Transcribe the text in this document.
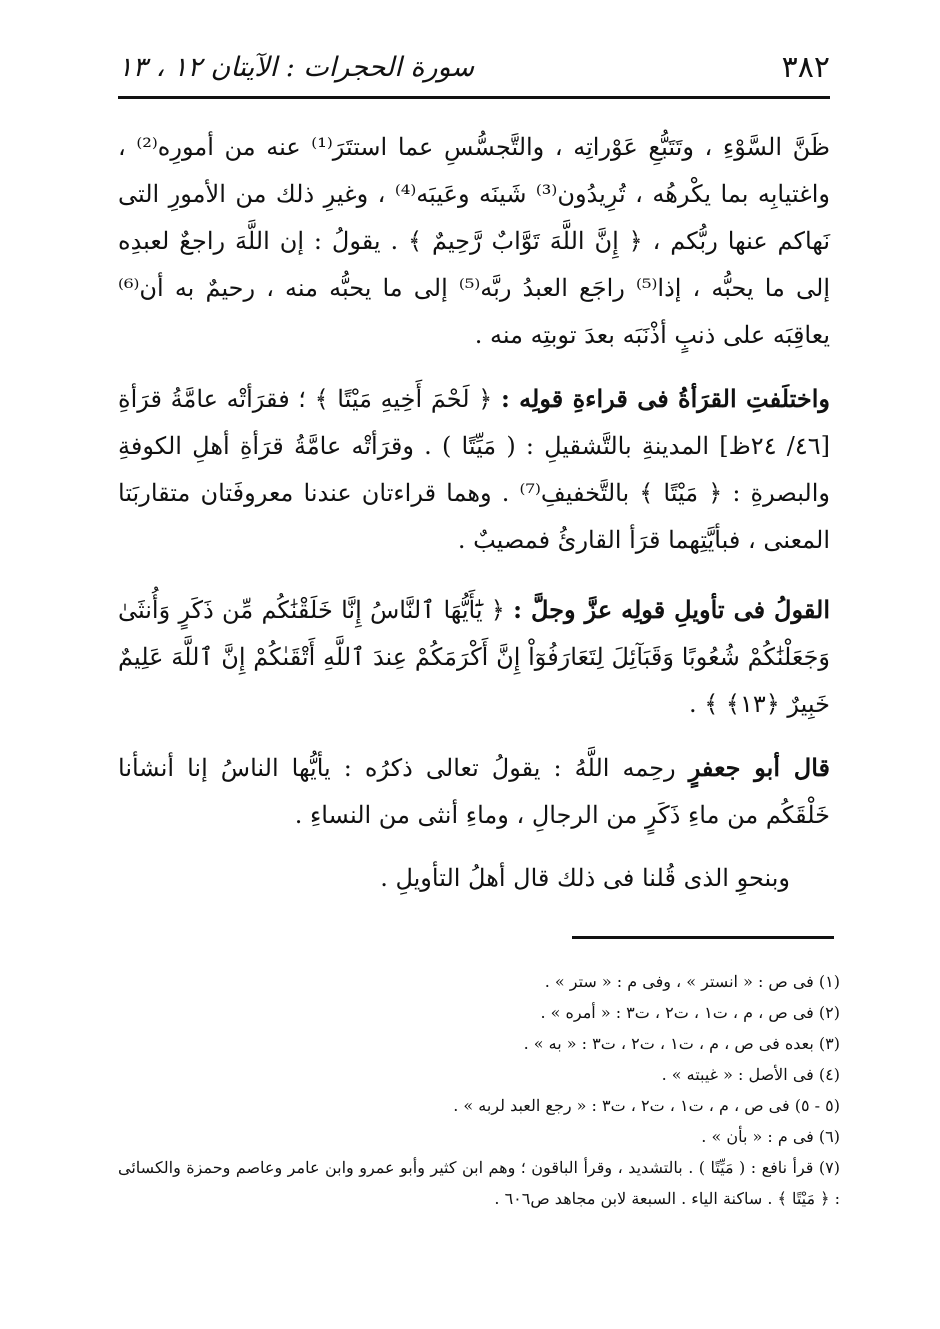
٣٨٢
سورة الحجرات : الآيتان ١٢ ، ١٣

ظَنَّ السَّوْءِ ، وتَتَبُّعِ عَوْراتِه ، والتَّجسُّسِ عما استتَرَ⁽¹⁾ عنه من أمورِه⁽²⁾ ، واغتيابِه بما يكْرهُه ، تُرِيدُون⁽³⁾ شَينَه وعَيبَه⁽⁴⁾ ، وغيرِ ذلك من الأمورِ التى نَهاكم عنها ربُّكم ، ﴿ إِنَّ اللَّهَ تَوَّابٌ رَّحِيمٌ ﴾ . يقولُ : إن اللَّهَ راجعٌ لعبدِه إلى ما يحبُّه ، إذا⁽⁵⁾ راجَع العبدُ ربَّه⁽⁵⁾ إلى ما يحبُّه منه ، رحيمٌ به أن⁽⁶⁾ يعاقِبَه على ذنبٍ أذْنَبَه بعدَ توبتِه منه .

واختلَفتِ القرَأةُ فى قراءةِ قولِه : ﴿ لَحْمَ أَخِيهِ مَيْتًا ﴾ ؛ فقرَأتْه عامَّةُ قرَأةِ [٤٦/ ٢٤ظ] المدينةِ بالتَّشقيلِ : ( مَيِّتًا ) . وقرَأتْه عامَّةُ قرَأةِ أهلِ الكوفةِ والبصرةِ : ﴿ مَيْتًا ﴾ بالتَّخفيفِ⁽⁷⁾ . وهما قراءتان عندنا معروفَتان متقاربَتا المعنى ، فبأيَّتِهما قرَأ القارئُ فمصيبٌ .

القولُ فى تأويلِ قولِه عزَّ وجلَّ : ﴿ يَٰٓأَيُّهَا ٱلنَّاسُ إِنَّا خَلَقْنَٰكُم مِّن ذَكَرٍ وَأُنثَىٰ وَجَعَلْنَٰكُمْ شُعُوبًا وَقَبَآئِلَ لِتَعَارَفُوٓاْ إِنَّ أَكْرَمَكُمْ عِندَ ٱللَّهِ أَتْقَىٰكُمْ إِنَّ ٱللَّهَ عَلِيمٌ خَبِيرٌ ﴿١٣﴾ ﴾ .

قال أبو جعفرٍ رحِمه اللَّهُ : يقولُ تعالى ذكرُه : يأيُّها الناسُ إنا أنشأنا خَلْقَكُم من ماءِ ذَكَرٍ من الرجالِ ، وماءِ أنثى من النساءِ .

وبنحوِ الذى قُلنا فى ذلك قال أهلُ التأويلِ .

(١) فى ص : « انستر » ، وفى م : « ستر » .

(٢) فى ص ، م ، ت١ ، ت٢ ، ت٣ : « أمره » .

(٣) بعده فى ص ، م ، ت١ ، ت٢ ، ت٣ : « به » .

(٤) فى الأصل : « غيبته » .

(٥ - ٥) فى ص ، م ، ت١ ، ت٢ ، ت٣ : « رجع العبد لربه » .

(٦) فى م : « بأن » .

(٧) قرأ نافع : ( مَيِّتًا ) . بالتشديد ، وقرأ الباقون ؛ وهم ابن كثير وأبو عمرو وابن عامر وعاصم وحمزة والكسائى : ﴿ مَيْتًا ﴾ . ساكنة الياء . السبعة لابن مجاهد ص٦٠٦ .
